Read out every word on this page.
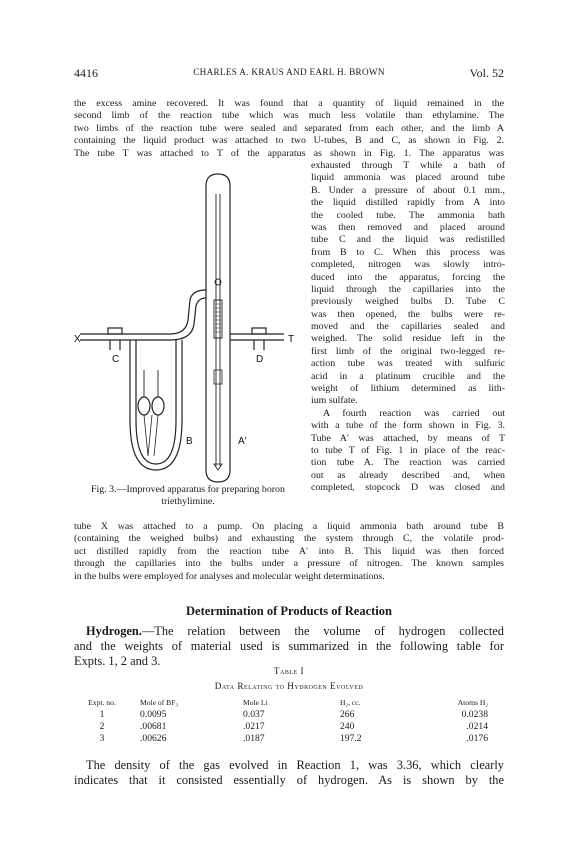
4416	CHARLES A. KRAUS AND EARL H. BROWN	Vol. 52
the excess amine recovered. It was found that a quantity of liquid remained in the
second limb of the reaction tube which was much less volatile than ethylamine. The
two limbs of the reaction tube were sealed and separated from each other, and the limb A
containing the liquid product was attached to two U-tubes, B and C, as shown in Fig. 2.
The tube T was attached to T of the apparatus as shown in Fig. 1. The apparatus was
exhausted through T while a bath of
liquid ammonia was placed around tube
B. Under a pressure of about 0.1 mm.,
the liquid distilled rapidly from A into
the cooled tube. The ammonia bath
was then removed and placed around
tube C and the liquid was redistilled
from B to C. When this process was
completed, nitrogen was slowly intro-
duced into the apparatus, forcing the
liquid through the capillaries into the
previously weighed bulbs D. Tube C
was then opened, the bulbs were re-
moved and the capillaries sealed and
weighed. The solid residue left in the
first limb of the original two-legged re-
action tube was treated with sulfuric
acid in a platinum crucible and the
weight of lithium determined as lith-
ium sulfate.
A fourth reaction was carried out
with a tube of the form shown in Fig. 3.
Tube A′ was attached, by means of T
to tube T of Fig. 1 in place of the reac-
tion tube A. The reaction was carried
out as already described and, when
completed, stopcock D was closed and
X
C	D
T
B	A′
Fig. 3.—Improved apparatus for preparing boron triethylimine.
tube X was attached to a pump. On placing a liquid ammonia bath around tube B
(containing the weighed bulbs) and exhausting the system through C, the volatile prod-
uct distilled rapidly from the reaction tube A′ into B. This liquid was then forced
through the capillaries into the bulbs under a pressure of nitrogen. The known samples
in the bulbs were employed for analyses and molecular weight determinations.
Determination of Products of Reaction
Hydrogen.—The relation between the volume of hydrogen collected
and the weights of material used is summarized in the following table for
Expts. 1, 2 and 3.
Table I
Data Relating to Hydrogen Evolved
Expt. no.	Mole of BF₃	Mole Li	H₂, cc.	Atoms H₂
1	0.0095	0.037	266	0.0238
2	.00681	.0217	240	.0214
3	.00626	.0187	197.2	.0176
The density of the gas evolved in Reaction 1, was 3.36, which clearly
indicates that it consisted essentially of hydrogen. As is shown by the
